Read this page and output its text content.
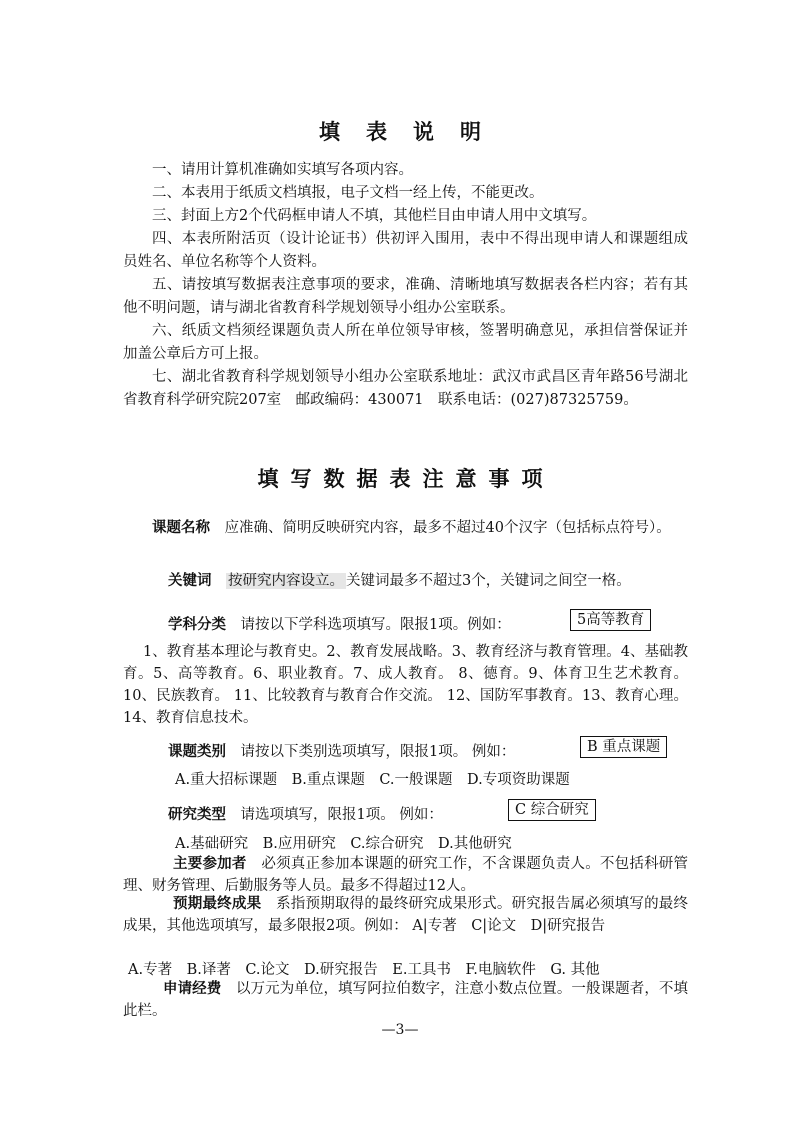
填表说明

一、请用计算机准确如实填写各项内容。

二、本表用于纸质文档填报，电子文档一经上传，不能更改。

三、封面上方2个代码框申请人不填，其他栏目由申请人用中文填写。

四、本表所附活页（设计论证书）供初评入围用，表中不得出现申请人和课题组成员姓名、单位名称等个人资料。

五、请按填写数据表注意事项的要求，准确、清晰地填写数据表各栏内容；若有其他不明问题，请与湖北省教育科学规划领导小组办公室联系。

六、纸质文档须经课题负责人所在单位领导审核，签署明确意见，承担信誉保证并加盖公章后方可上报。

七、湖北省教育科学规划领导小组办公室联系地址：武汉市武昌区青年路56号湖北省教育科学研究院207室　邮政编码：430071　联系电话：(027)87325759。

填写数据表注意事项

课题名称　 应准确、简明反映研究内容，最多不超过40个汉字（包括标点符号）。

关键词　 按研究内容设立。 关键词最多不超过3个，关键词之间空一格。

学科分类　 请按以下学科选项填写。限报1项。例如：	5高等教育

1、教育基本理论与教育史。2、教育发展战略。3、教育经济与教育管理。4、基础教育。5、高等教育。6、职业教育。7、成人教育。 8、德育。9、体育卫生艺术教育。10、民族教育。 11、比较教育与教育合作交流。 12、国防军事教育。13、教育心理。 14、教育信息技术。

课题类别　 请按以下类别选项填写，限报1项。 例如：	B 重点课题

A.重大招标课题　B.重点课题　C.一般课题　D.专项资助课题

研究类型　 请选项填写，限报1项。 例如：	C 综合研究

A.基础研究　B.应用研究　C.综合研究　D.其他研究

主要参加者　 必须真正参加本课题的研究工作，不含课题负责人。不包括科研管理、财务管理、后勤服务等人员。最多不得超过12人。

预期最终成果　 系指预期取得的最终研究成果形式。研究报告属必须填写的最终成果，其他选项填写，最多限报2项。例如： A|专著　C|论文　D|研究报告

A.专著　B.译著　C.论文　D.研究报告　E.工具书　F.电脑软件　G. 其他

申请经费　 以万元为单位，填写阿拉伯数字，注意小数点位置。一般课题者，不填此栏。

—3—
